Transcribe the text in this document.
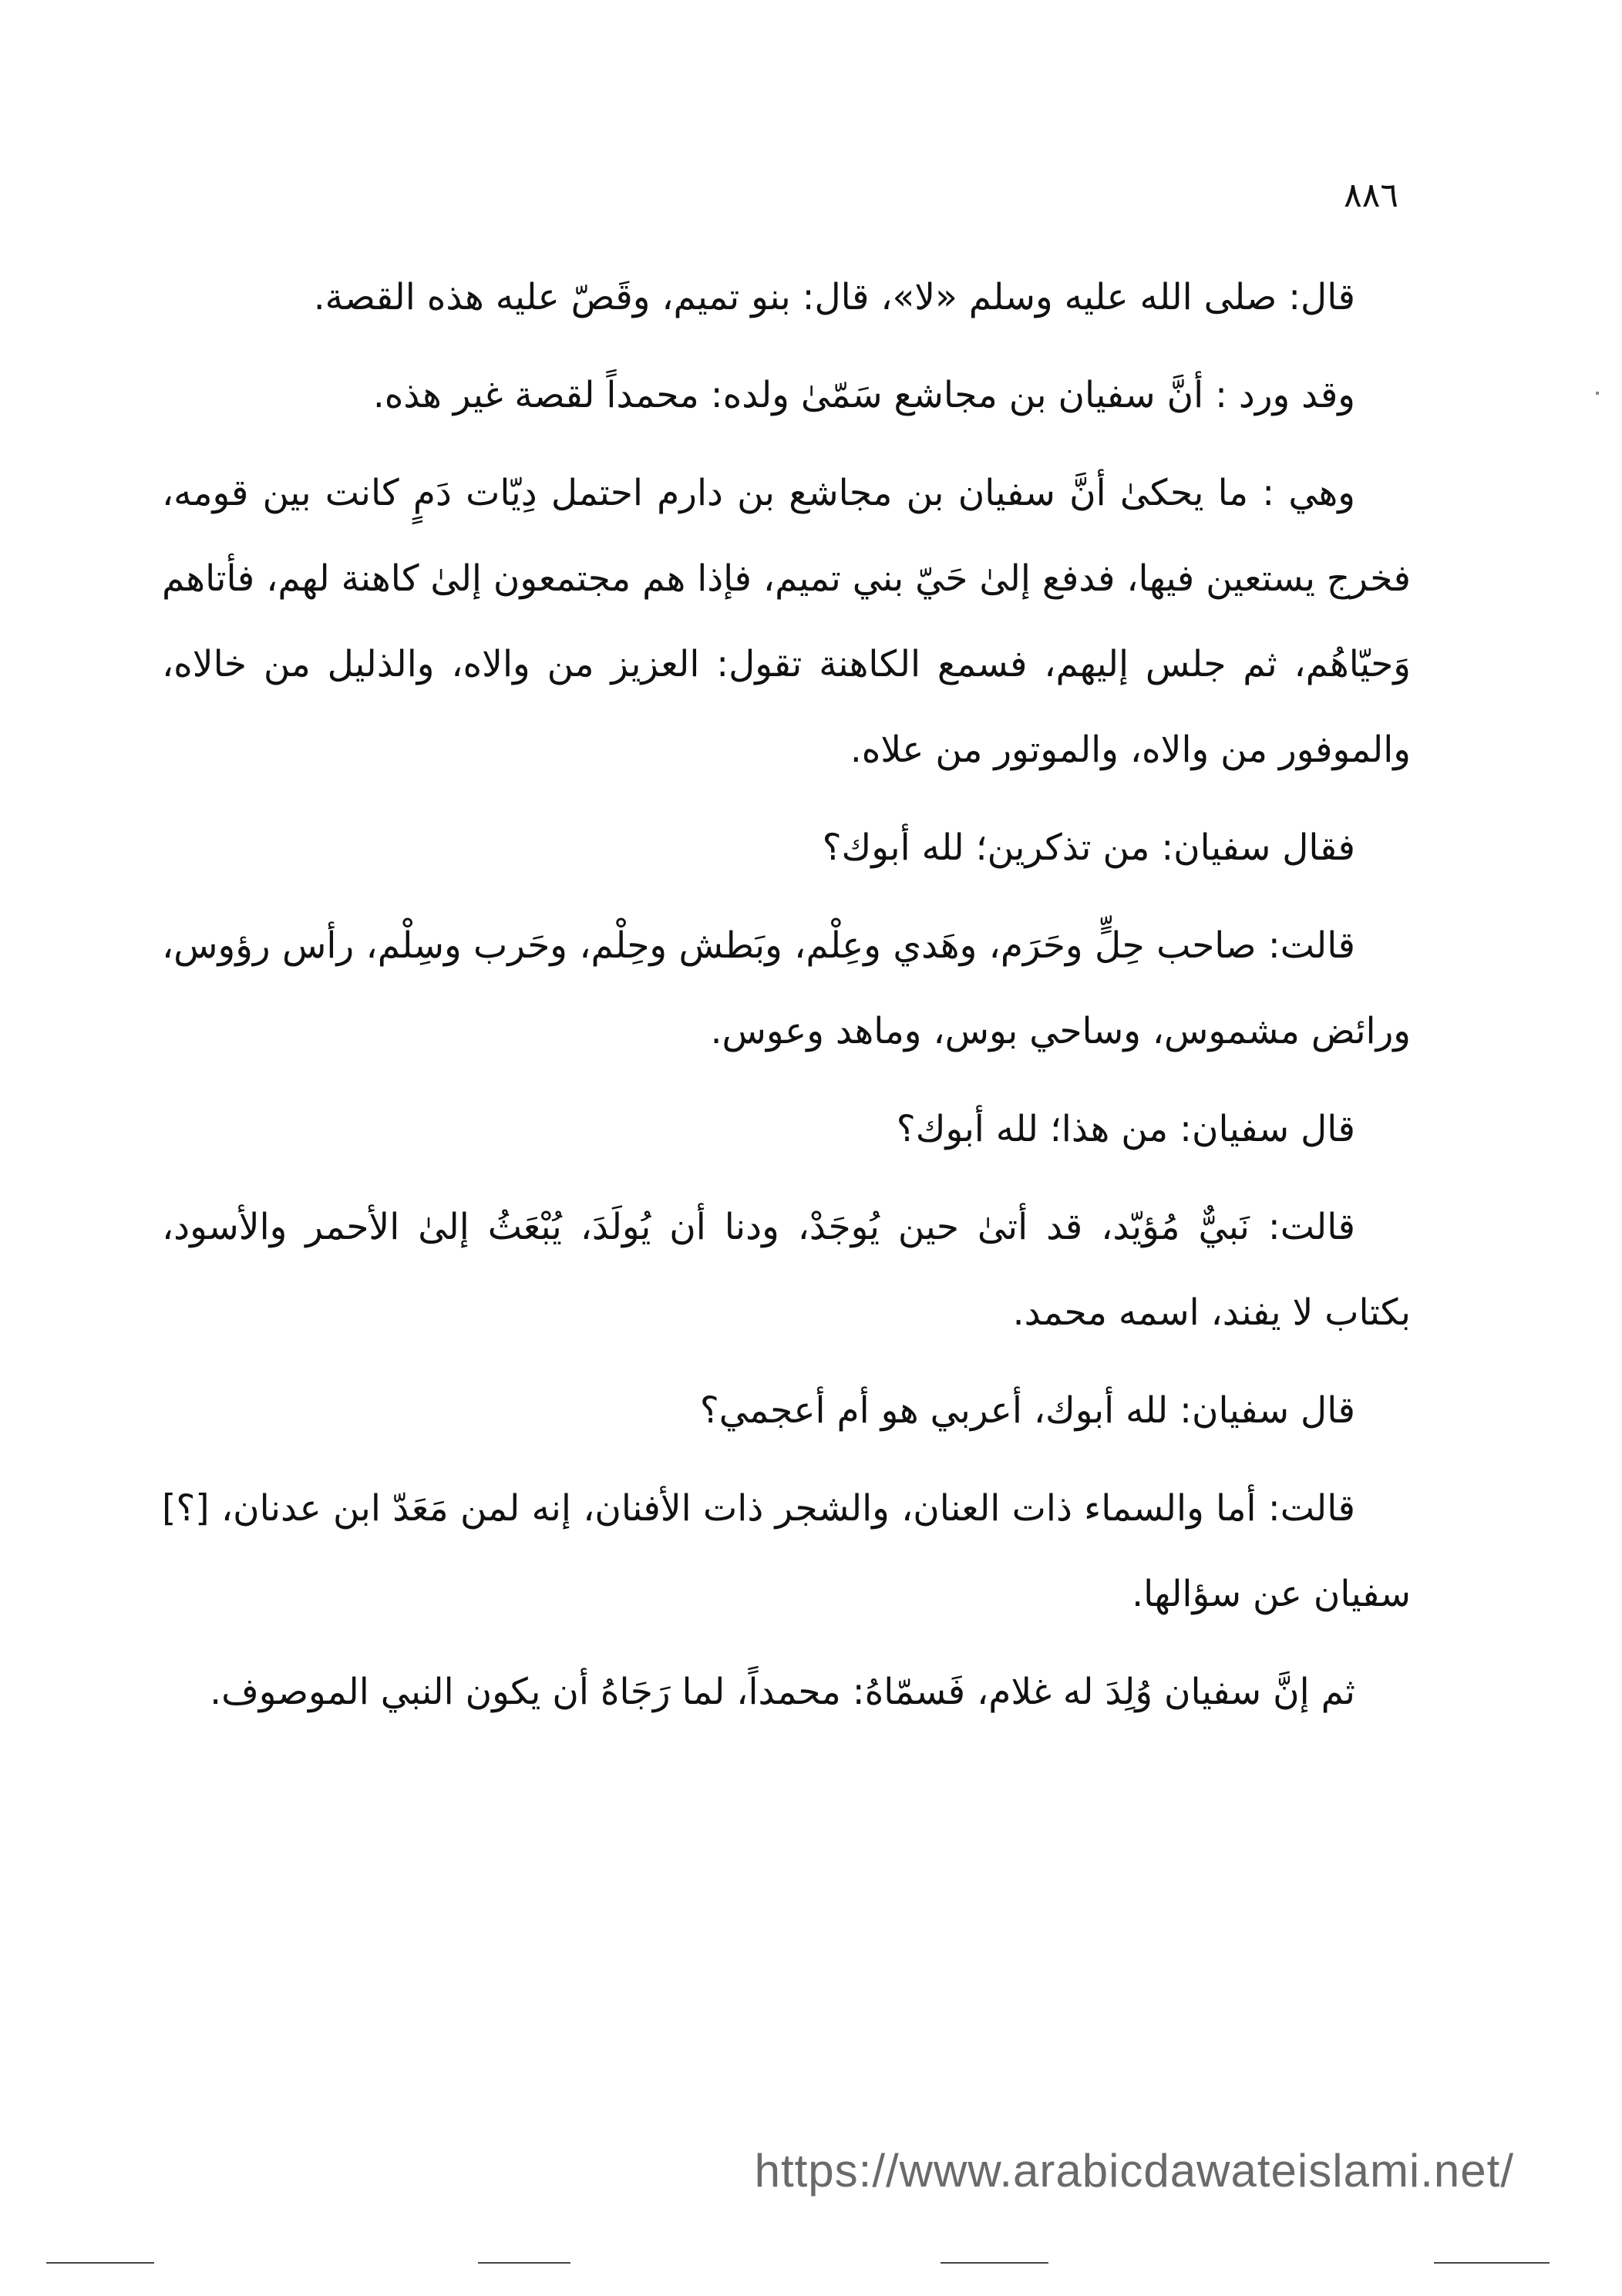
٨٨٦

قال: صلى الله عليه وسلم «لا»، قال: بنو تميم، وقَصّ عليه هذه القصة.

وقد ورد : أنَّ سفيان بن مجاشع سَمّىٰ ولده: محمداً لقصة غير هذه.

وهي : ما يحكىٰ أنَّ سفيان بن مجاشع بن دارم احتمل دِيّات دَمٍ كانت بين قومه، فخرج يستعين فيها، فدفع إلىٰ حَيّ بني تميم، فإذا هم مجتمعون إلىٰ كاهنة لهم، فأتاهم وَحيّاهُم، ثم جلس إليهم، فسمع الكاهنة تقول: العزيز من والاه، والذليل من خالاه، والموفور من والاه، والموتور من علاه.

فقال سفيان: من تذكرين؛ لله أبوك؟

قالت: صاحب حِلٍّ وحَرَم، وهَدي وعِلْم، وبَطش وحِلْم، وحَرب وسِلْم، رأس رؤوس، ورائض مشموس، وساحي بوس، وماهد وعوس.

قال سفيان: من هذا؛ لله أبوك؟

قالت: نَبيٌّ مُؤيّد، قد أتىٰ حين يُوجَدْ، ودنا أن يُولَدَ، يُبْعَثُ إلىٰ الأحمر والأسود، بكتاب لا يفند، اسمه محمد.

قال سفيان: لله أبوك، أعربي هو أم أعجمي؟

قالت: أما والسماء ذات العنان، والشجر ذات الأفنان، إنه لمن مَعَدّ ابن عدنان، [؟] سفيان عن سؤالها.

ثم إنَّ سفيان وُلِدَ له غلام، فَسمّاهُ: محمداً، لما رَجَاهُ أن يكون النبي الموصوف.

https://www.arabicdawateislami.net/
